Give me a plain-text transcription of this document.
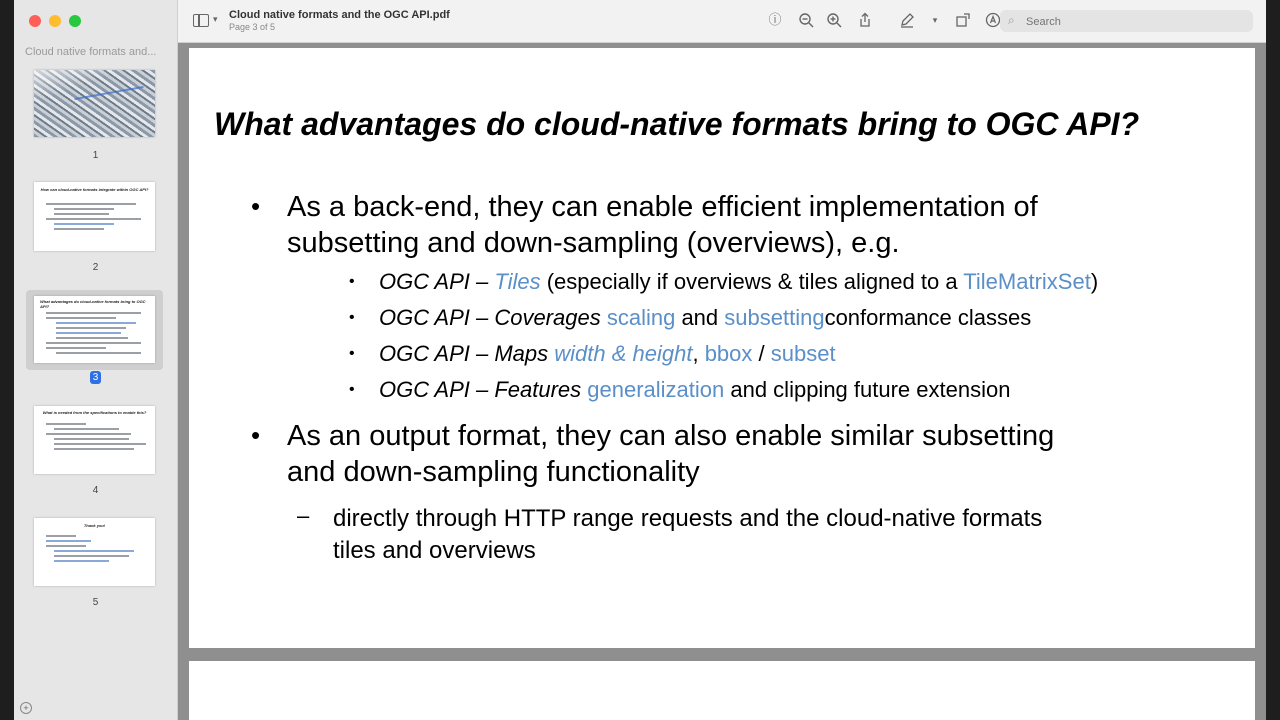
Cloud native formats and...
1
How can cloud-native formats integrate within OGC API?
2
What advantages do cloud-native formats bring to OGC API?
3
What is needed from the specifications to enable this?
4
Thank you!
5
+
▾ Cloud native formats and the OGC API.pdf
Page 3 of 5	ⓘ	▾	⌕
Search
What advantages do cloud-native formats bring to OGC API?
• As a back-end, they can enable efficient implementation of
subsetting and down-sampling (overviews), e.g.
• OGC API – Tiles (especially if overviews & tiles aligned to a TileMatrixSet)
• OGC API – Coverages scaling and subsettingconformance classes
• OGC API – Maps width & height, bbox / subset
• OGC API – Features generalization and clipping future extension
• As an output format, they can also enable similar subsetting
and down-sampling functionality
– directly through HTTP range requests and the cloud-native formats
tiles and overviews
